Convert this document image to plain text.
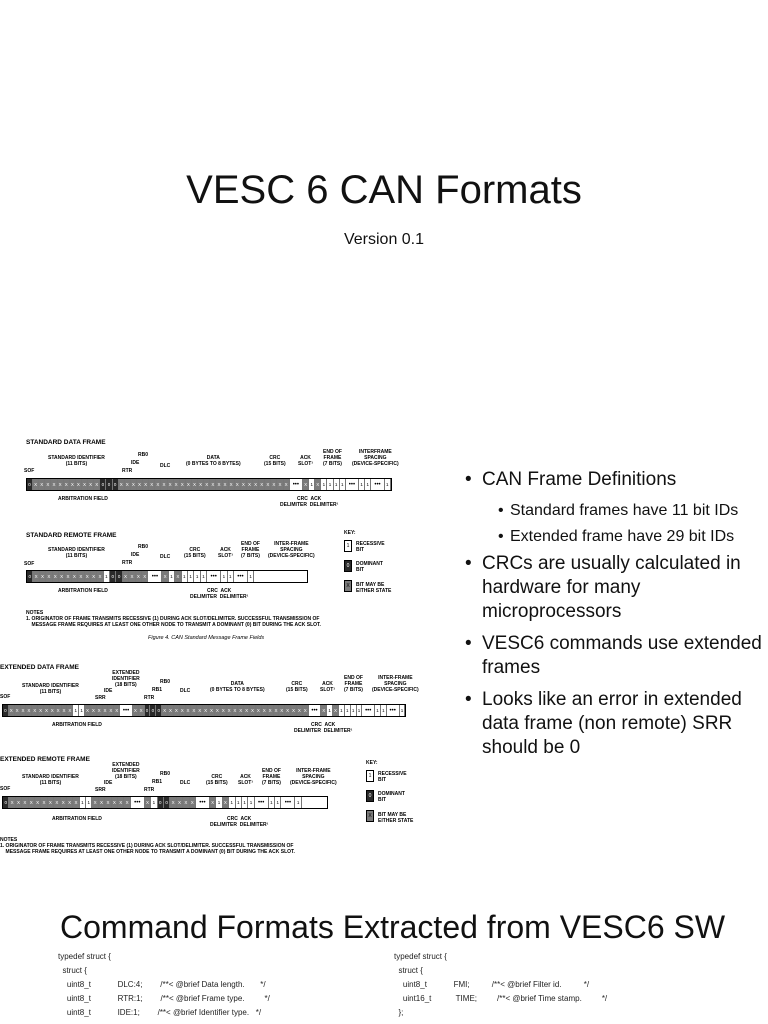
VESC 6 CAN Formats
Version 0.1
STANDARD DATA FRAME
STANDARD IDENTIFIER
(11 BITS)
RB0
IDE
RTR
DLC
DATA
(0 BYTES TO 8 BYTES)
CRC
(15 BITS)
ACK
SLOT¹
END OF
FRAME
(7 BITS)
INTERFRAME
SPACING
(DEVICE-SPECIFIC)
SOF
0 X X X X X X X X X X X 0 0 0 X X X X X X X X X X X X X X X X X X X X X X X X X X X X •••	X 1 X 1 1 1 1 •••	1 1 •••	1
ARBITRATION FIELD	CRC  ACK
DELIMITER  DELIMITER¹
STANDARD REMOTE FRAME
STANDARD IDENTIFIER
(11 BITS)
RB0
IDE
RTR
DLC
CRC
(15 BITS)
ACK
SLOT¹
END OF
FRAME
(7 BITS)
INTER-FRAME
SPACING
(DEVICE-SPECIFIC)
SOF
0 X X X X X X X X X X X 1 0 0 X X X X •••	X 1 X 1 1 1 1 •••	1 1 •••	1
ARBITRATION FIELD	CRC  ACK
DELIMITER  DELIMITER¹
KEY:
1	RECESSIVE
BIT
0	DOMINANT
BIT
X	BIT MAY BE
EITHER STATE
NOTES
1. ORIGINATOR OF FRAME TRANSMITS RECESSIVE (1) DURING ACK SLOT/DELIMITER. SUCCESSFUL TRANSMISSION OF
MESSAGE FRAME REQUIRES AT LEAST ONE OTHER NODE TO TRANSMIT A DOMINANT (0) BIT DURING THE ACK SLOT.
Figure 4. CAN Standard Message Frame Fields
EXTENDED DATA FRAME
EXTENDED
IDENTIFIER
(18 BITS)
STANDARD IDENTIFIER
(11 BITS)
RB0
RB1
IDE
SRR	RTR
DLC
DATA
(0 BYTES TO 8 BYTES)
CRC
(15 BITS)
ACK
SLOT¹
END OF
FRAME
(7 BITS)
INTER-FRAME
SPACING
(DEVICE-SPECIFIC)
SOF
0 X X X X X X X X X X X 1 1 X X X X X X •••	X X 0 0 0 X X X X X X X X X X X X X X X X X X X X X X X X X •••	X 1 X 1 1 1 1 •••	1 1 •••	1
ARBITRATION FIELD	CRC  ACK
DELIMITER  DELIMITER¹
EXTENDED REMOTE FRAME
EXTENDED
IDENTIFIER
(18 BITS)
STANDARD IDENTIFIER
(11 BITS)
RB0
RB1
IDE
SRR	RTR
DLC
CRC
(15 BITS)
ACK
SLOT¹
END OF
FRAME
(7 BITS)
INTER-FRAME
SPACING
(DEVICE-SPECIFIC)
SOF
0 X X X X X X X X X X X 1 1 X X X X X X •••	X 1 0 0 X X X X •••	X 1 X 1 1 1 1 •••	1 1 •••	1
ARBITRATION FIELD	CRC  ACK
DELIMITER  DELIMITER¹
KEY:
1	RECESSIVE
BIT
0	DOMINANT
BIT
X	BIT MAY BE
EITHER STATE
NOTES
1. ORIGINATOR OF FRAME TRANSMITS RECESSIVE (1) DURING ACK SLOT/DELIMITER. SUCCESSFUL TRANSMISSION OF
MESSAGE FRAME REQUIRES AT LEAST ONE OTHER NODE TO TRANSMIT A DOMINANT (0) BIT DURING THE ACK SLOT.
• CAN Frame Definitions
• Standard frames have 11 bit IDs
• Extended frame have 29 bit IDs
• CRCs are usually calculated in hardware for many microprocessors
• VESC6 commands use extended frames
• Looks like an error in extended data frame (non remote) SRR should be 0
Command Formats Extracted from VESC6 SW
typedef struct {
struct {
uint8_t            DLC:4;        /**< @brief Data length.       */
uint8_t            RTR:1;        /**< @brief Frame type.         */
uint8_t            IDE:1;        /**< @brief Identifier type.   */
typedef struct {
struct {
uint8_t            FMI;          /**< @brief Filter id.          */
uint16_t           TIME;         /**< @brief Time stamp.         */
};
